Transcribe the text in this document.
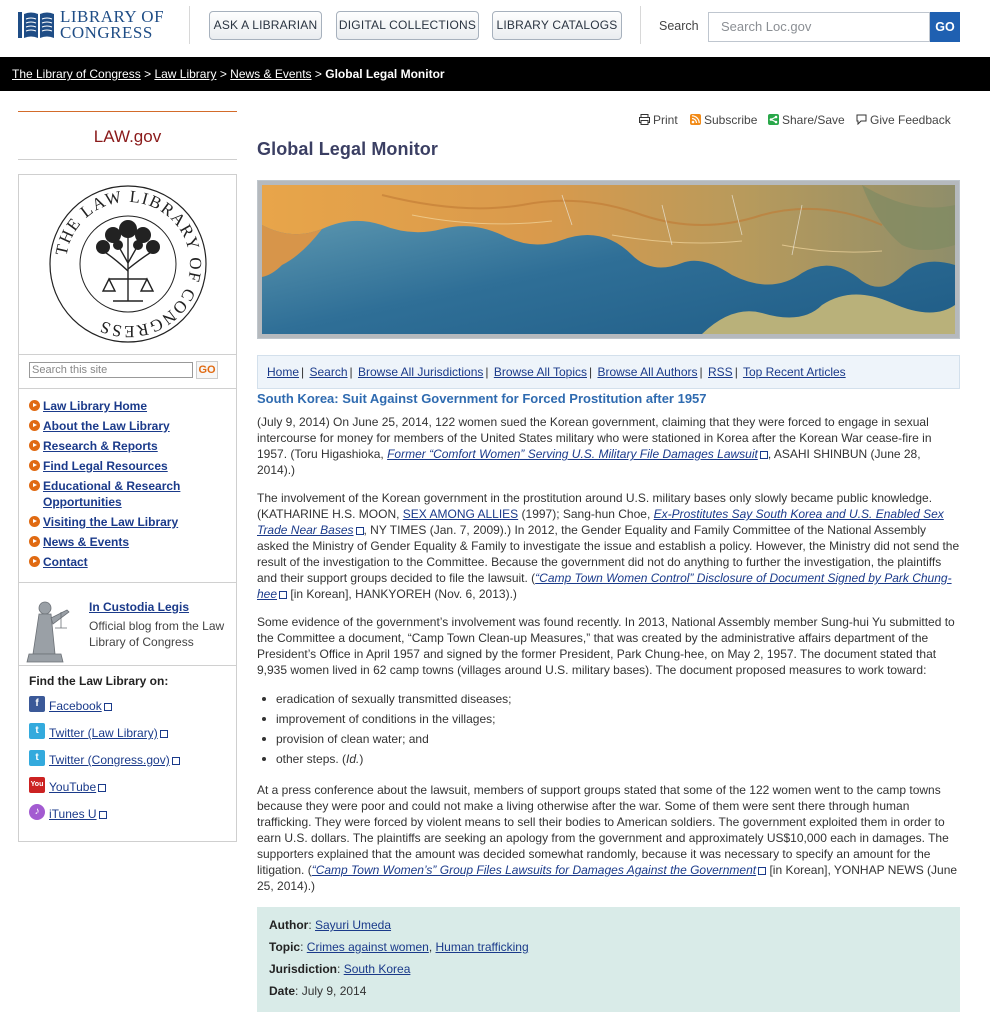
LIBRARY OF
CONGRESS	ASK A LIBRARIAN	DIGITAL COLLECTIONS	LIBRARY CATALOGS	Search	Search Loc.gov	GO
The Library of Congress > Law Library > News & Events > Global Legal Monitor
LAW.gov
THE LAW LIBRARY OF CONGRESS
Search this site	GO
Law Library Home
About the Law Library
Research & Reports
Find Legal Resources
Educational & Research Opportunities
Visiting the Law Library
News & Events
Contact
In Custodia Legis
Official blog from the Law Library of Congress
Find the Law Library on:
f Facebook
t Twitter (Law Library)
t Twitter (Congress.gov)
You YouTube
♪ iTunes U
Print	Subscribe	Share/Save	Give Feedback
Global Legal Monitor
Home | Search | Browse All Jurisdictions | Browse All Topics | Browse All Authors | RSS | Top Recent Articles
South Korea: Suit Against Government for Forced Prostitution after 1957
(July 9, 2014) On June 25, 2014, 122 women sued the Korean government, claiming that they were forced to engage in sexual intercourse for money for members of the United States military who were stationed in Korea after the Korean War cease-fire in 1957. (Toru Higashioka, Former “Comfort Women” Serving U.S. Military File Damages Lawsuit , ASAHI SHINBUN (June 28, 2014).)
The involvement of the Korean government in the prostitution around U.S. military bases only slowly became public knowledge. (KATHARINE H.S. MOON, SEX AMONG ALLIES (1997); Sang-hun Choe, Ex-Prostitutes Say South Korea and U.S. Enabled Sex Trade Near Bases , NY TIMES (Jan. 7, 2009).) In 2012, the Gender Equality and Family Committee of the National Assembly asked the Ministry of Gender Equality & Family to investigate the issue and establish a policy. However, the Ministry did not send the result of the investigation to the Committee. Because the government did not do anything to further the investigation, the plaintiffs and their support groups decided to file the lawsuit. (“Camp Town Women Control” Disclosure of Document Signed by Park Chung-hee [in Korean], HANKYOREH (Nov. 6, 2013).)
Some evidence of the government’s involvement was found recently. In 2013, National Assembly member Sung-hui Yu submitted to the Committee a document, “Camp Town Clean-up Measures,” that was created by the administrative affairs department of the President’s Office in April 1957 and signed by the former President, Park Chung-hee, on May 2, 1957. The document stated that 9,935 women lived in 62 camp towns (villages around U.S. military bases). The document proposed measures to work toward:
eradication of sexually transmitted diseases;
improvement of conditions in the villages;
provision of clean water; and
other steps. (Id.)
At a press conference about the lawsuit, members of support groups stated that some of the 122 women went to the camp towns because they were poor and could not make a living otherwise after the war. Some of them were sent there through human trafficking. They were forced by violent means to sell their bodies to American soldiers. The government exploited them in order to earn U.S. dollars. The plaintiffs are seeking an apology from the government and approximately US$10,000 each in damages. The supporters explained that the amount was decided somewhat randomly, because it was necessary to specify an amount for the litigation. (“Camp Town Women’s” Group Files Lawsuits for Damages Against the Government [in Korean], YONHAP NEWS (June 25, 2014).)
Author: Sayuri Umeda
Topic: Crimes against women, Human trafficking
Jurisdiction: South Korea
Date: July 9, 2014
